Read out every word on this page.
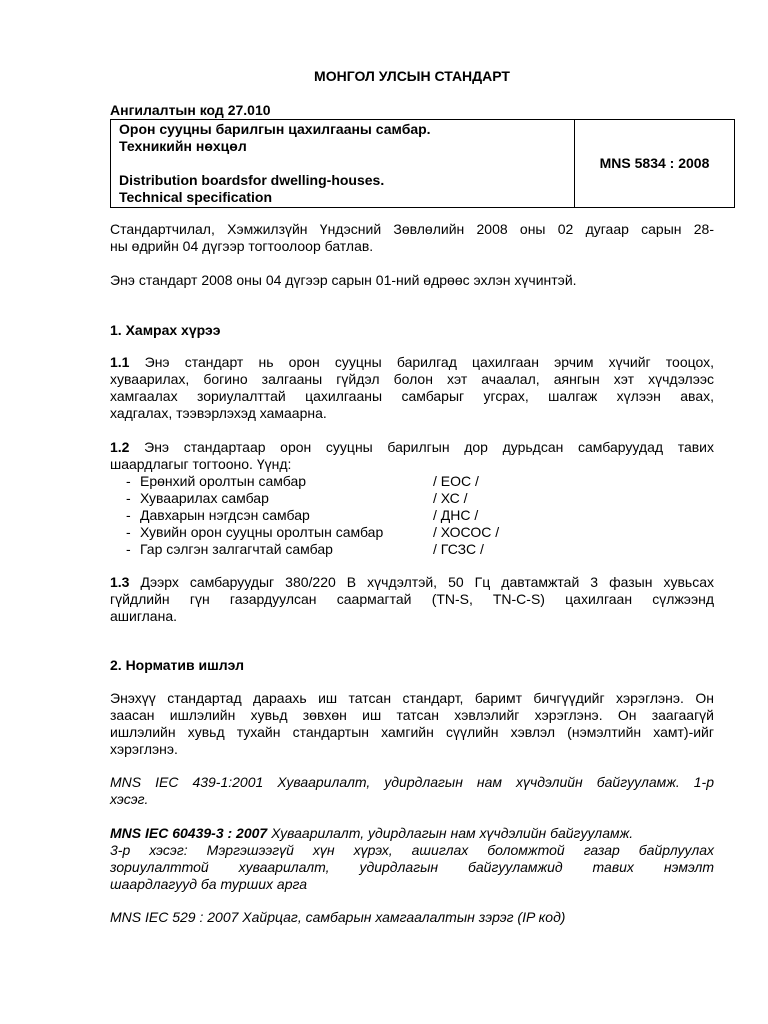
МОНГОЛ УЛСЫН СТАНДАРТ
Ангилалтын код 27.010
Орон сууцны барилгын цахилгааны самбар.
Техникийн нөхцөл
Distribution boardsfor dwelling-houses.
Technical specification
	MNS 5834 : 2008
Стандартчилал, Хэмжилзүйн Үндэсний Зөвлөлийн 2008 оны 02 дугаар сарын 28-
ны өдрийн 04 дүгээр тогтоолоор батлав.
Энэ стандарт 2008 оны 04 дүгээр сарын 01-ний өдрөөс эхлэн хүчинтэй.
1. Хамрах хүрээ
1.1 Энэ стандарт нь орон сууцны барилгад цахилгаан эрчим хүчийг тооцох,
хуваарилах, богино залгааны гүйдэл болон хэт ачаалал, аянгын хэт хүчдэлээс
хамгаалах зориулалттай цахилгааны самбарыг угсрах, шалгаж хүлээн авах,
хадгалах, тээвэрлэхэд хамаарна.
1.2 Энэ стандартаар орон сууцны барилгын дор дурьдсан самбаруудад тавих
шаардлагыг тогтооно. Үүнд:
- Ерөнхий оролтын самбар	/ ЕОС /
- Хуваарилах самбар	/ ХС /
- Давхарын нэгдсэн самбар	/ ДНС /
- Хувийн орон сууцны оролтын самбар	/ ХОСОС /
- Гар сэлгэн залгагчтай самбар	/ ГСЗС /
1.3 Дээрх самбаруудыг 380/220 В хүчдэлтэй, 50 Гц давтамжтай 3 фазын хувьсах
гүйдлийн гүн газардуулсан саармагтай (TN-S, TN-C-S) цахилгаан сүлжээнд
ашиглана.
2. Норматив ишлэл
Энэхүү стандартад дараахь иш татсан стандарт, баримт бичгүүдийг хэрэглэнэ. Он
заасан ишлэлийн хувьд зөвхөн иш татсан хэвлэлийг хэрэглэнэ. Он заагаагүй
ишлэлийн хувьд тухайн стандартын хамгийн сүүлийн хэвлэл (нэмэлтийн хамт)-ийг
хэрэглэнэ.
MNS IEC 439-1:2001 Хуваарилалт, удирдлагын нам хүчдэлийн байгууламж. 1-р
хэсэг.
MNS IEC 60439-3 : 2007 Хуваарилалт, удирдлагын нам хүчдэлийн байгууламж.
3-р хэсэг: Мэргэшээгүй хүн хүрэх, ашиглах боломжтой газар байрлуулах
зориулалттой хуваарилалт, удирдлагын байгууламжид тавих нэмэлт
шаардлагууд ба турших арга
MNS IEC 529 : 2007 Хайрцаг, самбарын хамгаалалтын зэрэг (IP код)
